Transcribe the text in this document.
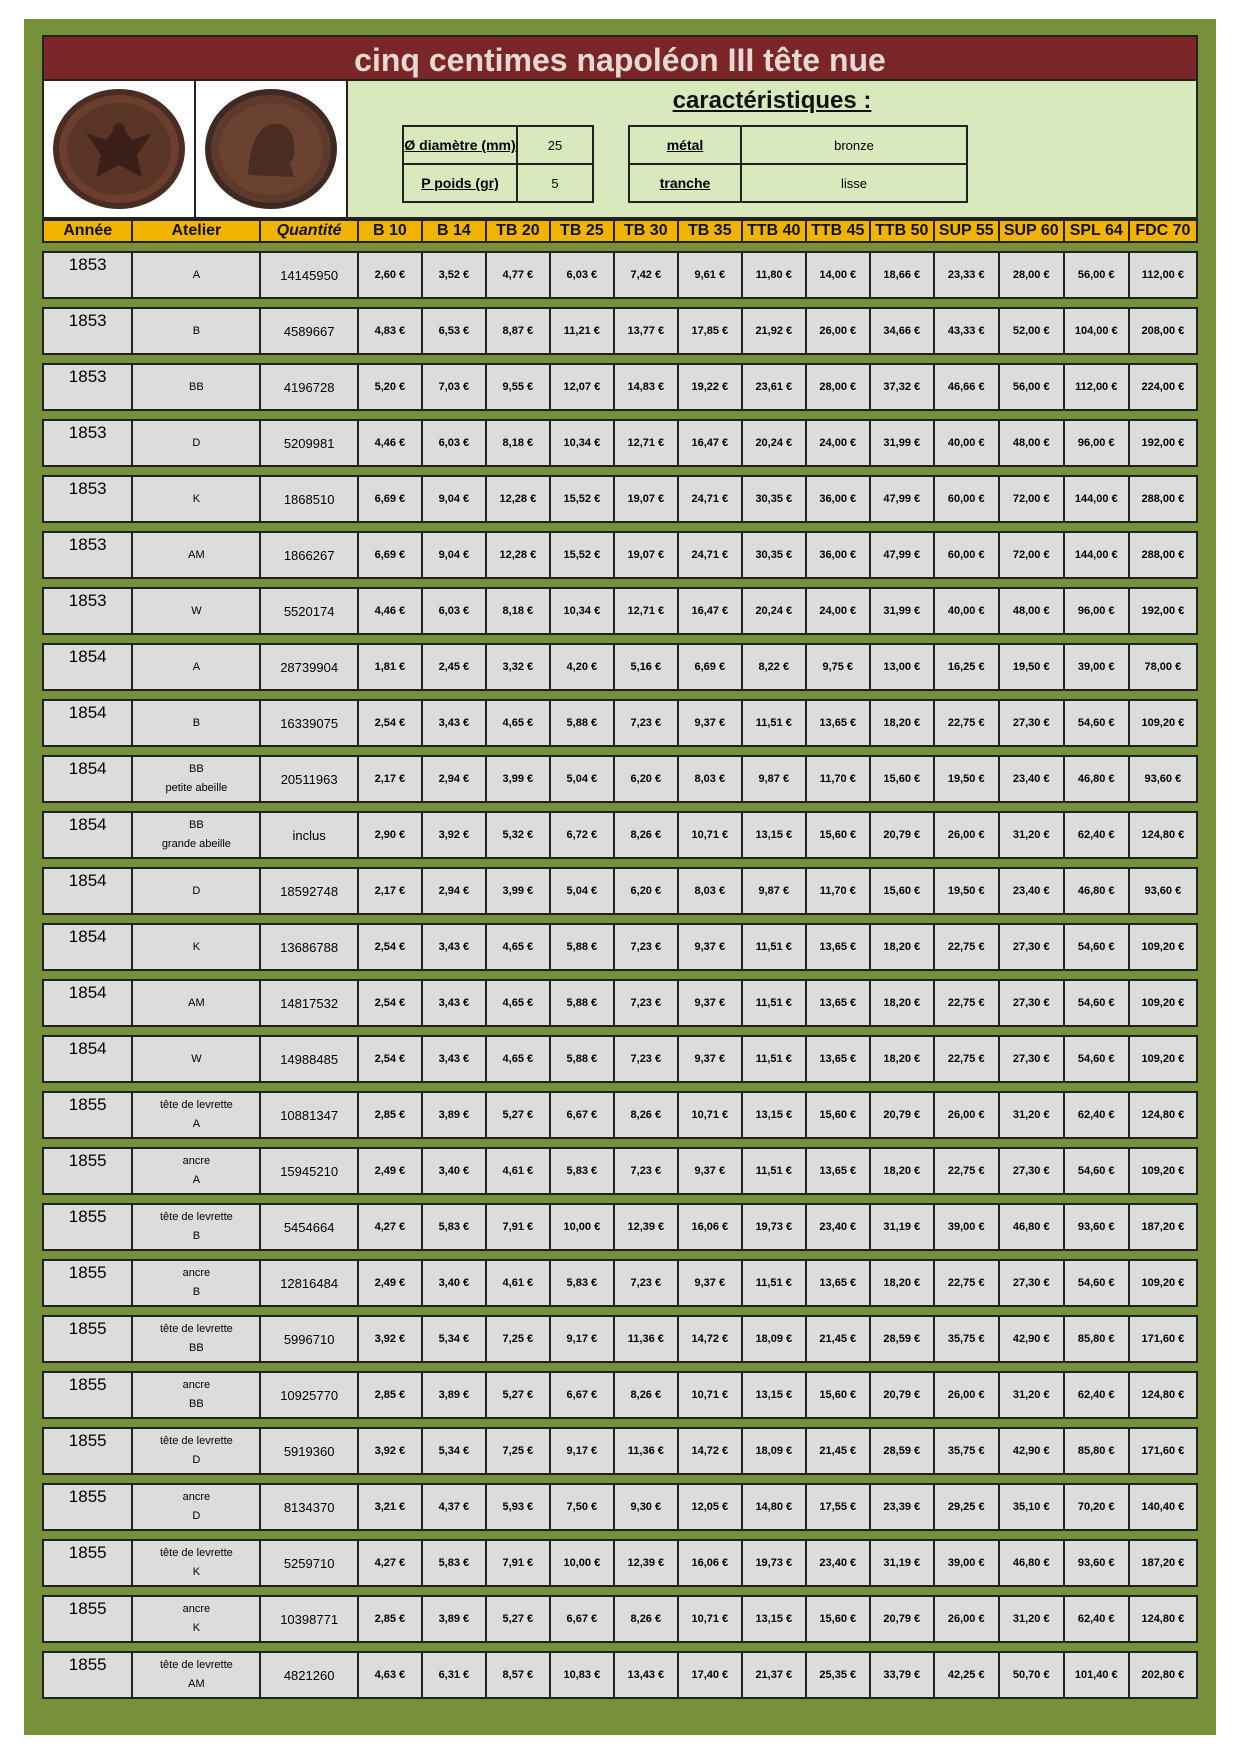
cinq centimes napoléon III tête nue
caractéristiques :
Ø diamètre (mm)	25
P poids (gr)	5
métal	bronze
tranche	lisse
Année	Atelier	Quantité	B 10	B 14	TB 20	TB 25	TB 30	TB 35	TTB 40	TTB 45	TTB 50	SUP 55	SUP 60	SPL 64	FDC 70

1853	A	14145950	2,60 €	3,52 €	4,77 €	6,03 €	7,42 €	9,61 €	11,80 €	14,00 €	18,66 €	23,33 €	28,00 €	56,00 €	112,00 €

1853	B	4589667	4,83 €	6,53 €	8,87 €	11,21 €	13,77 €	17,85 €	21,92 €	26,00 €	34,66 €	43,33 €	52,00 €	104,00 €	208,00 €

1853	BB	4196728	5,20 €	7,03 €	9,55 €	12,07 €	14,83 €	19,22 €	23,61 €	28,00 €	37,32 €	46,66 €	56,00 €	112,00 €	224,00 €

1853	D	5209981	4,46 €	6,03 €	8,18 €	10,34 €	12,71 €	16,47 €	20,24 €	24,00 €	31,99 €	40,00 €	48,00 €	96,00 €	192,00 €

1853	K	1868510	6,69 €	9,04 €	12,28 €	15,52 €	19,07 €	24,71 €	30,35 €	36,00 €	47,99 €	60,00 €	72,00 €	144,00 €	288,00 €

1853	AM	1866267	6,69 €	9,04 €	12,28 €	15,52 €	19,07 €	24,71 €	30,35 €	36,00 €	47,99 €	60,00 €	72,00 €	144,00 €	288,00 €

1853	W	5520174	4,46 €	6,03 €	8,18 €	10,34 €	12,71 €	16,47 €	20,24 €	24,00 €	31,99 €	40,00 €	48,00 €	96,00 €	192,00 €

1854	A	28739904	1,81 €	2,45 €	3,32 €	4,20 €	5,16 €	6,69 €	8,22 €	9,75 €	13,00 €	16,25 €	19,50 €	39,00 €	78,00 €

1854	B	16339075	2,54 €	3,43 €	4,65 €	5,88 €	7,23 €	9,37 €	11,51 €	13,65 €	18,20 €	22,75 €	27,30 €	54,60 €	109,20 €

1854	BB
petite abeille	20511963	2,17 €	2,94 €	3,99 €	5,04 €	6,20 €	8,03 €	9,87 €	11,70 €	15,60 €	19,50 €	23,40 €	46,80 €	93,60 €

1854	BB
grande abeille	inclus	2,90 €	3,92 €	5,32 €	6,72 €	8,26 €	10,71 €	13,15 €	15,60 €	20,79 €	26,00 €	31,20 €	62,40 €	124,80 €

1854	D	18592748	2,17 €	2,94 €	3,99 €	5,04 €	6,20 €	8,03 €	9,87 €	11,70 €	15,60 €	19,50 €	23,40 €	46,80 €	93,60 €

1854	K	13686788	2,54 €	3,43 €	4,65 €	5,88 €	7,23 €	9,37 €	11,51 €	13,65 €	18,20 €	22,75 €	27,30 €	54,60 €	109,20 €

1854	AM	14817532	2,54 €	3,43 €	4,65 €	5,88 €	7,23 €	9,37 €	11,51 €	13,65 €	18,20 €	22,75 €	27,30 €	54,60 €	109,20 €

1854	W	14988485	2,54 €	3,43 €	4,65 €	5,88 €	7,23 €	9,37 €	11,51 €	13,65 €	18,20 €	22,75 €	27,30 €	54,60 €	109,20 €

1855	tête de levrette
A	10881347	2,85 €	3,89 €	5,27 €	6,67 €	8,26 €	10,71 €	13,15 €	15,60 €	20,79 €	26,00 €	31,20 €	62,40 €	124,80 €

1855	ancre
A	15945210	2,49 €	3,40 €	4,61 €	5,83 €	7,23 €	9,37 €	11,51 €	13,65 €	18,20 €	22,75 €	27,30 €	54,60 €	109,20 €

1855	tête de levrette
B	5454664	4,27 €	5,83 €	7,91 €	10,00 €	12,39 €	16,06 €	19,73 €	23,40 €	31,19 €	39,00 €	46,80 €	93,60 €	187,20 €

1855	ancre
B	12816484	2,49 €	3,40 €	4,61 €	5,83 €	7,23 €	9,37 €	11,51 €	13,65 €	18,20 €	22,75 €	27,30 €	54,60 €	109,20 €

1855	tête de levrette
BB	5996710	3,92 €	5,34 €	7,25 €	9,17 €	11,36 €	14,72 €	18,09 €	21,45 €	28,59 €	35,75 €	42,90 €	85,80 €	171,60 €

1855	ancre
BB	10925770	2,85 €	3,89 €	5,27 €	6,67 €	8,26 €	10,71 €	13,15 €	15,60 €	20,79 €	26,00 €	31,20 €	62,40 €	124,80 €

1855	tête de levrette
D	5919360	3,92 €	5,34 €	7,25 €	9,17 €	11,36 €	14,72 €	18,09 €	21,45 €	28,59 €	35,75 €	42,90 €	85,80 €	171,60 €

1855	ancre
D	8134370	3,21 €	4,37 €	5,93 €	7,50 €	9,30 €	12,05 €	14,80 €	17,55 €	23,39 €	29,25 €	35,10 €	70,20 €	140,40 €

1855	tête de levrette
K	5259710	4,27 €	5,83 €	7,91 €	10,00 €	12,39 €	16,06 €	19,73 €	23,40 €	31,19 €	39,00 €	46,80 €	93,60 €	187,20 €

1855	ancre
K	10398771	2,85 €	3,89 €	5,27 €	6,67 €	8,26 €	10,71 €	13,15 €	15,60 €	20,79 €	26,00 €	31,20 €	62,40 €	124,80 €

1855	tête de levrette
AM	4821260	4,63 €	6,31 €	8,57 €	10,83 €	13,43 €	17,40 €	21,37 €	25,35 €	33,79 €	42,25 €	50,70 €	101,40 €	202,80 €
